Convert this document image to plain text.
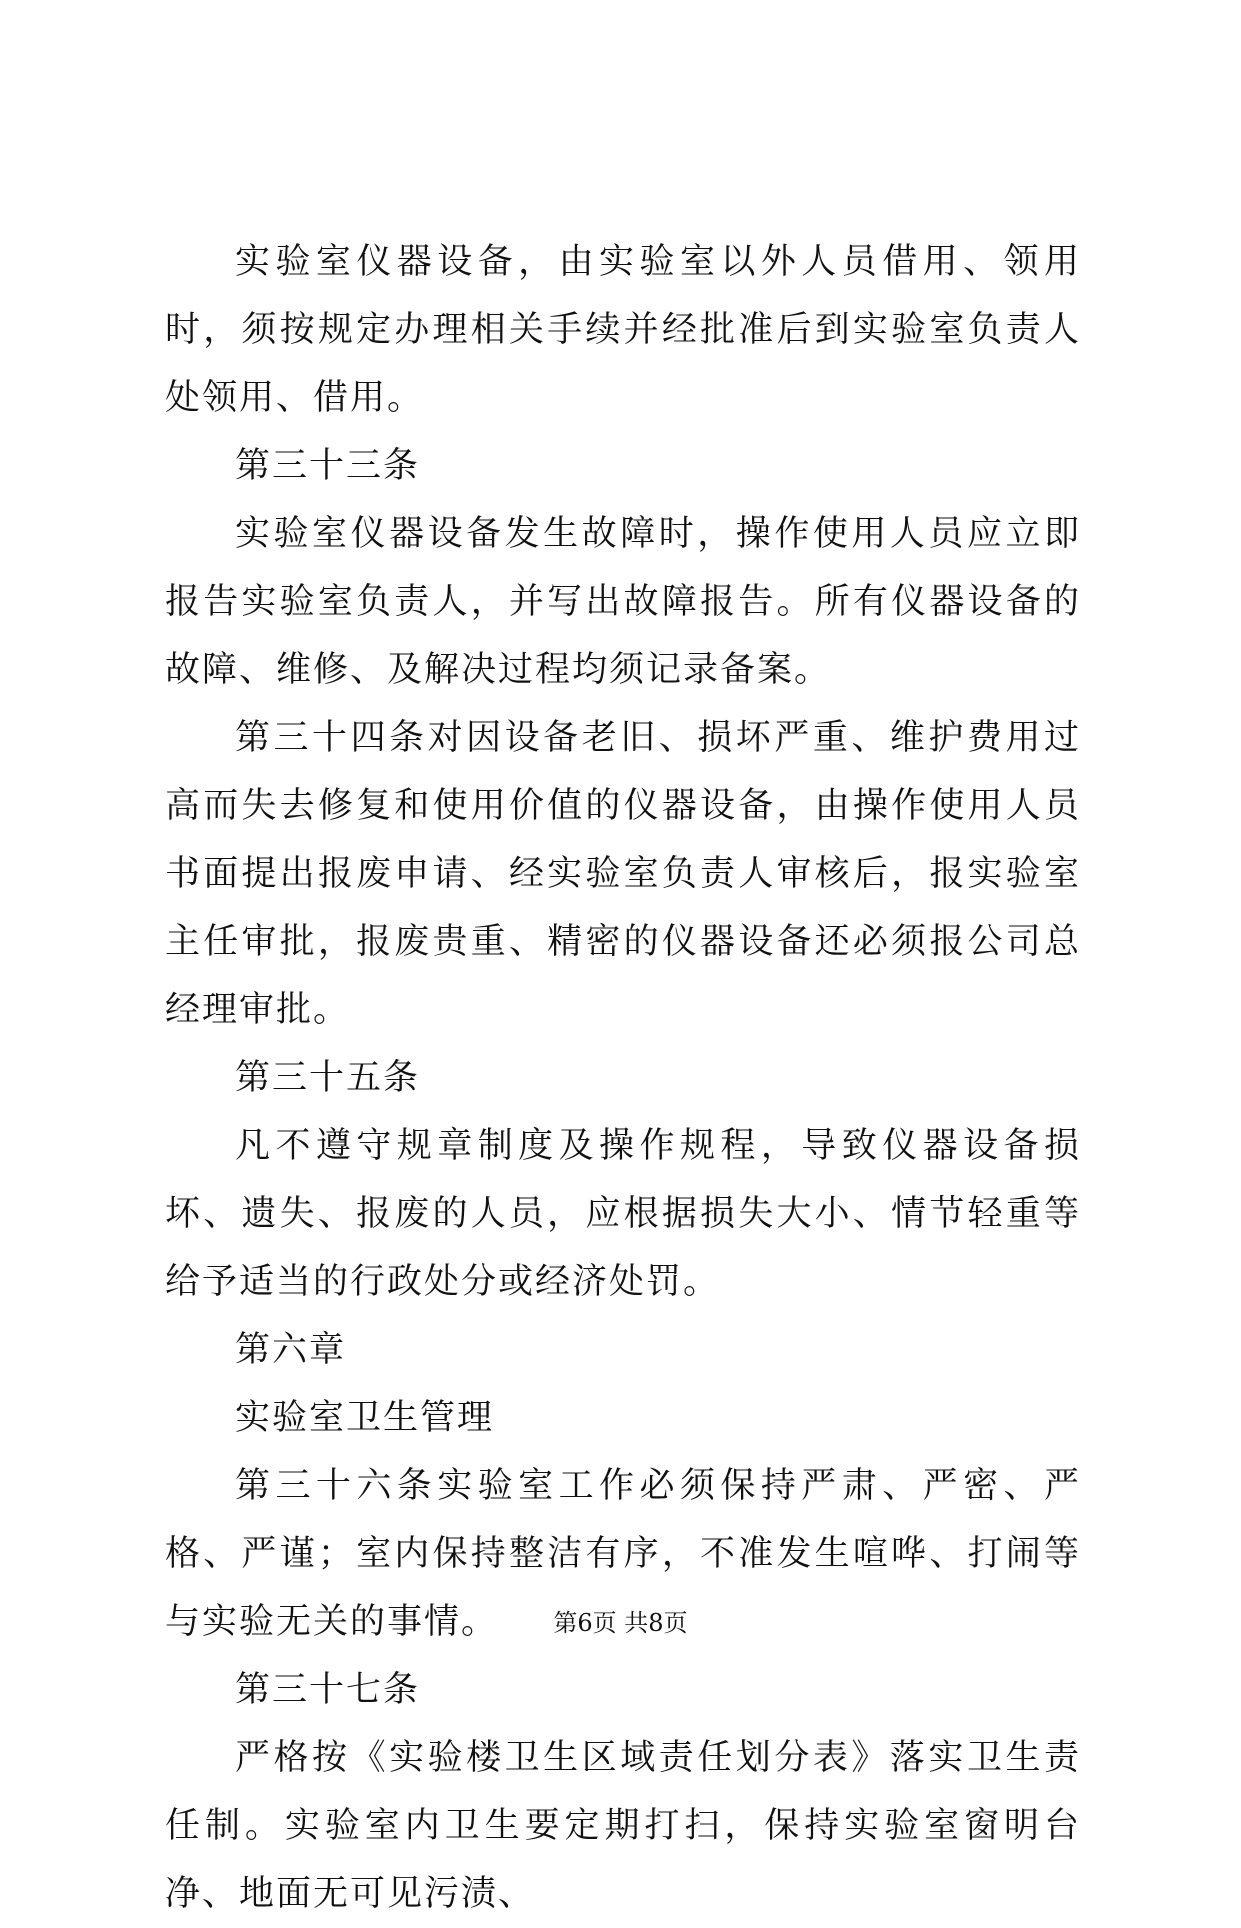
实验室仪器设备，由实验室以外人员借用、领用时，须按规定办理相关手续并经批准后到实验室负责人处领用、借用。

第三十三条

实验室仪器设备发生故障时，操作使用人员应立即报告实验室负责人，并写出故障报告。所有仪器设备的故障、维修、及解决过程均须记录备案。

第三十四条对因设备老旧、损坏严重、维护费用过高而失去修复和使用价值的仪器设备，由操作使用人员书面提出报废申请、经实验室负责人审核后，报实验室主任审批，报废贵重、精密的仪器设备还必须报公司总经理审批。

第三十五条

凡不遵守规章制度及操作规程，导致仪器设备损坏、遗失、报废的人员，应根据损失大小、情节轻重等给予适当的行政处分或经济处罚。

第六章

实验室卫生管理

第三十六条实验室工作必须保持严肃、严密、严格、严谨；室内保持整洁有序，不准发生喧哗、打闹等与实验无关的事情。

第三十七条

严格按《实验楼卫生区域责任划分表》落实卫生责任制。实验室内卫生要定期打扫，保持实验室窗明台净、地面无可见污渍、

第6页 共8页
